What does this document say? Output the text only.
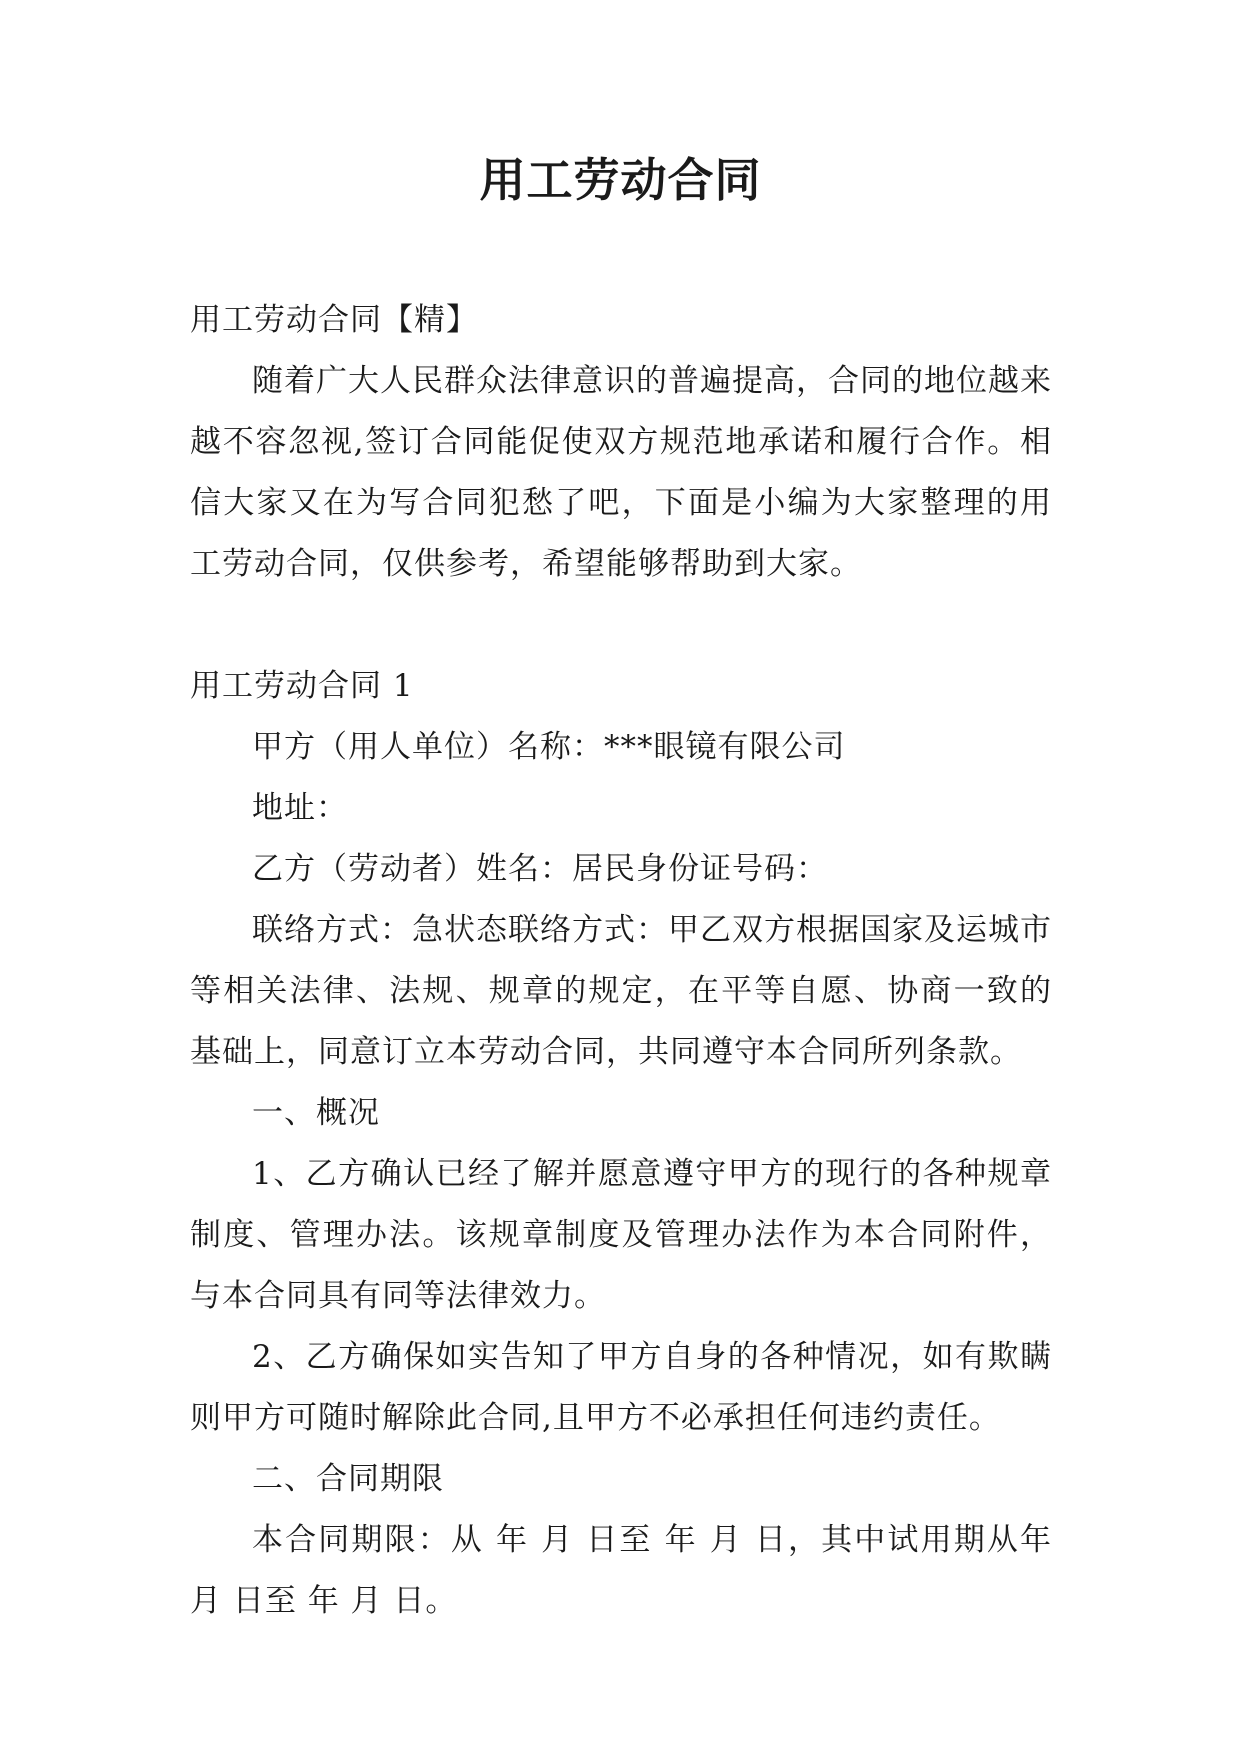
用工劳动合同

用工劳动合同【精】

随着广大人民群众法律意识的普遍提高，合同的地位越来越不容忽视,签订合同能促使双方规范地承诺和履行合作。相信大家又在为写合同犯愁了吧，下面是小编为大家整理的用工劳动合同，仅供参考，希望能够帮助到大家。

用工劳动合同 1

甲方（用人单位）名称：***眼镜有限公司

地址：

乙方（劳动者）姓名：居民身份证号码：

联络方式：急状态联络方式：甲乙双方根据国家及运城市等相关法律、法规、规章的规定，在平等自愿、协商一致的基础上，同意订立本劳动合同，共同遵守本合同所列条款。

一、概况

1、乙方确认已经了解并愿意遵守甲方的现行的各种规章制度、管理办法。该规章制度及管理办法作为本合同附件，与本合同具有同等法律效力。

2、乙方确保如实告知了甲方自身的各种情况，如有欺瞒则甲方可随时解除此合同,且甲方不必承担任何违约责任。

二、合同期限

本合同期限：从 年 月 日至 年 月 日，其中试用期从年 月 日至 年 月 日。
